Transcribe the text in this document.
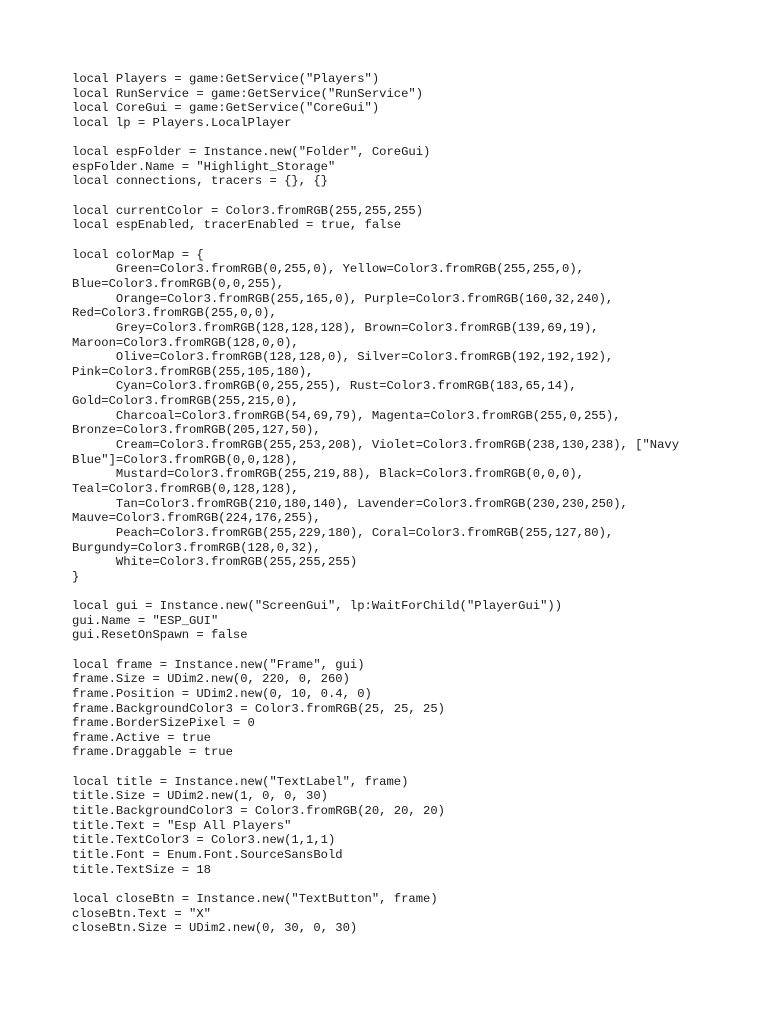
local Players = game:GetService("Players")
local RunService = game:GetService("RunService")
local CoreGui = game:GetService("CoreGui")
local lp = Players.LocalPlayer
local espFolder = Instance.new("Folder", CoreGui)
espFolder.Name = "Highlight_Storage"
local connections, tracers = {}, {}
local currentColor = Color3.fromRGB(255,255,255)
local espEnabled, tracerEnabled = true, false
local colorMap = {
Green=Color3.fromRGB(0,255,0), Yellow=Color3.fromRGB(255,255,0),
Blue=Color3.fromRGB(0,0,255),
Orange=Color3.fromRGB(255,165,0), Purple=Color3.fromRGB(160,32,240),
Red=Color3.fromRGB(255,0,0),
Grey=Color3.fromRGB(128,128,128), Brown=Color3.fromRGB(139,69,19),
Maroon=Color3.fromRGB(128,0,0),
Olive=Color3.fromRGB(128,128,0), Silver=Color3.fromRGB(192,192,192),
Pink=Color3.fromRGB(255,105,180),
Cyan=Color3.fromRGB(0,255,255), Rust=Color3.fromRGB(183,65,14),
Gold=Color3.fromRGB(255,215,0),
Charcoal=Color3.fromRGB(54,69,79), Magenta=Color3.fromRGB(255,0,255),
Bronze=Color3.fromRGB(205,127,50),
Cream=Color3.fromRGB(255,253,208), Violet=Color3.fromRGB(238,130,238), ["Navy
Blue"]=Color3.fromRGB(0,0,128),
Mustard=Color3.fromRGB(255,219,88), Black=Color3.fromRGB(0,0,0),
Teal=Color3.fromRGB(0,128,128),
Tan=Color3.fromRGB(210,180,140), Lavender=Color3.fromRGB(230,230,250),
Mauve=Color3.fromRGB(224,176,255),
Peach=Color3.fromRGB(255,229,180), Coral=Color3.fromRGB(255,127,80),
Burgundy=Color3.fromRGB(128,0,32),
White=Color3.fromRGB(255,255,255)
}
local gui = Instance.new("ScreenGui", lp:WaitForChild("PlayerGui"))
gui.Name = "ESP_GUI"
gui.ResetOnSpawn = false
local frame = Instance.new("Frame", gui)
frame.Size = UDim2.new(0, 220, 0, 260)
frame.Position = UDim2.new(0, 10, 0.4, 0)
frame.BackgroundColor3 = Color3.fromRGB(25, 25, 25)
frame.BorderSizePixel = 0
frame.Active = true
frame.Draggable = true
local title = Instance.new("TextLabel", frame)
title.Size = UDim2.new(1, 0, 0, 30)
title.BackgroundColor3 = Color3.fromRGB(20, 20, 20)
title.Text = "Esp All Players"
title.TextColor3 = Color3.new(1,1,1)
title.Font = Enum.Font.SourceSansBold
title.TextSize = 18
local closeBtn = Instance.new("TextButton", frame)
closeBtn.Text = "X"
closeBtn.Size = UDim2.new(0, 30, 0, 30)
